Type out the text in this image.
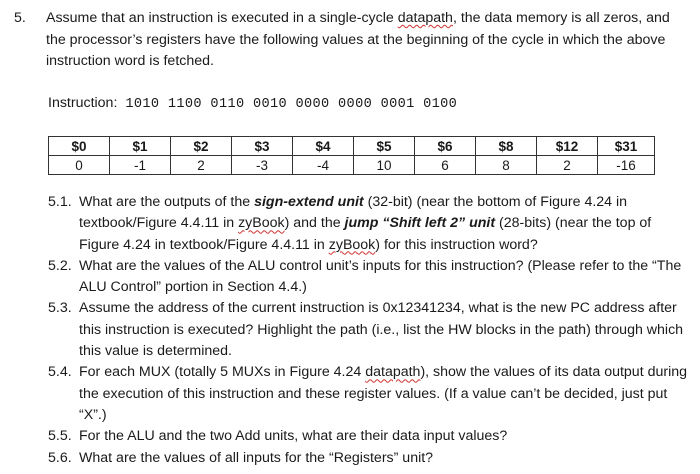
5.	Assume that an instruction is executed in a single-cycle datapath, the data memory is all zeros, and the processor’s registers have the following values at the beginning of the cycle in which the above instruction word is fetched.
Instruction: 1010 1100 0110 0010 0000 0000 0001 0100
$0	$1	$2	$3	$4	$5	$6	$8	$12	$31
0	-1	2	-3	-4	10	6	8	2	-16
5.1. What are the outputs of the sign-extend unit (32-bit) (near the bottom of Figure 4.24 in textbook/Figure 4.4.11 in zyBook) and the jump “Shift left 2” unit (28-bits) (near the top of Figure 4.24 in textbook/Figure 4.4.11 in zyBook) for this instruction word?
5.2. What are the values of the ALU control unit’s inputs for this instruction? (Please refer to the “The ALU Control” portion in Section 4.4.)
5.3. Assume the address of the current instruction is 0x12341234, what is the new PC address after this instruction is executed? Highlight the path (i.e., list the HW blocks in the path) through which this value is determined.
5.4. For each MUX (totally 5 MUXs in Figure 4.24 datapath), show the values of its data output during the execution of this instruction and these register values. (If a value can’t be decided, just put “X”.)
5.5. For the ALU and the two Add units, what are their data input values?
5.6. What are the values of all inputs for the “Registers” unit?
